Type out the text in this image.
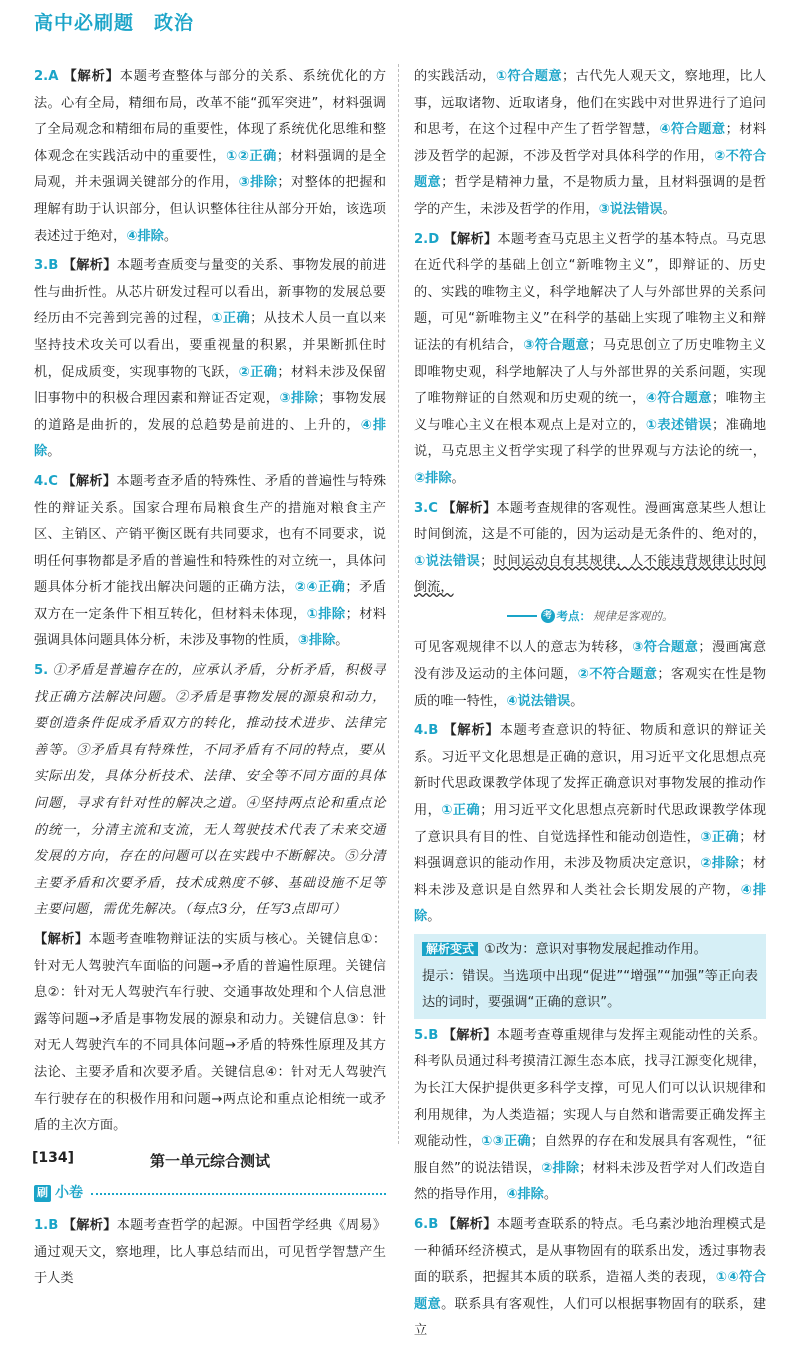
高中必刷题　政治

2.A 【解析】本题考查整体与部分的关系、系统优化的方法。心有全局，精细布局，改革不能“孤军突进”，材料强调了全局观念和精细布局的重要性，体现了系统优化思维和整体观念在实践活动中的重要性，①②正确；材料强调的是全局观，并未强调关键部分的作用，③排除；对整体的把握和理解有助于认识部分，但认识整体往往从部分开始，该选项表述过于绝对，④排除。

3.B 【解析】本题考查质变与量变的关系、事物发展的前进性与曲折性。从芯片研发过程可以看出，新事物的发展总要经历由不完善到完善的过程，①正确；从技术人员一直以来坚持技术攻关可以看出，要重视量的积累，并果断抓住时机，促成质变，实现事物的飞跃，②正确；材料未涉及保留旧事物中的积极合理因素和辩证否定观，③排除；事物发展的道路是曲折的，发展的总趋势是前进的、上升的，④排除。

4.C 【解析】本题考查矛盾的特殊性、矛盾的普遍性与特殊性的辩证关系。国家合理布局粮食生产的措施对粮食主产区、主销区、产销平衡区既有共同要求，也有不同要求，说明任何事物都是矛盾的普遍性和特殊性的对立统一，具体问题具体分析才能找出解决问题的正确方法，②④正确；矛盾双方在一定条件下相互转化，但材料未体现，①排除；材料强调具体问题具体分析，未涉及事物的性质，③排除。

5. ①矛盾是普遍存在的，应承认矛盾，分析矛盾，积极寻找正确方法解决问题。②矛盾是事物发展的源泉和动力，要创造条件促成矛盾双方的转化，推动技术进步、法律完善等。③矛盾具有特殊性，不同矛盾有不同的特点，要从实际出发，具体分析技术、法律、安全等不同方面的具体问题，寻求有针对性的解决之道。④坚持两点论和重点论的统一，分清主流和支流，无人驾驶技术代表了未来交通发展的方向，存在的问题可以在实践中不断解决。⑤分清主要矛盾和次要矛盾，技术成熟度不够、基础设施不足等主要问题，需优先解决。（每点3分，任写3点即可）

【解析】本题考查唯物辩证法的实质与核心。关键信息①：针对无人驾驶汽车面临的问题→矛盾的普遍性原理。关键信息②：针对无人驾驶汽车行驶、交通事故处理和个人信息泄露等问题→矛盾是事物发展的源泉和动力。关键信息③：针对无人驾驶汽车的不同具体问题→矛盾的特殊性原理及其方法论、主要矛盾和次要矛盾。关键信息④：针对无人驾驶汽车行驶存在的积极作用和问题→两点论和重点论相统一或矛盾的主次方面。

第一单元综合测试
刷 小卷

1.B 【解析】本题考查哲学的起源。中国哲学经典《周易》通过观天文，察地理，比人事总结而出，可见哲学智慧产生于人类

的实践活动，①符合题意；古代先人观天文，察地理，比人事，远取诸物、近取诸身，他们在实践中对世界进行了追问和思考，在这个过程中产生了哲学智慧，④符合题意；材料涉及哲学的起源，不涉及哲学对具体科学的作用，②不符合题意；哲学是精神力量，不是物质力量，且材料强调的是哲学的产生，未涉及哲学的作用，③说法错误。

2.D 【解析】本题考查马克思主义哲学的基本特点。马克思在近代科学的基础上创立“新唯物主义”，即辩证的、历史的、实践的唯物主义，科学地解决了人与外部世界的关系问题，可见“新唯物主义”在科学的基础上实现了唯物主义和辩证法的有机结合，③符合题意；马克思创立了历史唯物主义即唯物史观，科学地解决了人与外部世界的关系问题，实现了唯物辩证的自然观和历史观的统一，④符合题意；唯物主义与唯心主义在根本观点上是对立的，①表述错误；准确地说，马克思主义哲学实现了科学的世界观与方法论的统一，②排除。

3.C 【解析】本题考查规律的客观性。漫画寓意某些人想让时间倒流，这是不可能的，因为运动是无条件的、绝对的，①说法错误；时间运动自有其规律，人不能违背规律让时间倒流，

考 考点： 规律是客观的。

可见客观规律不以人的意志为转移，③符合题意；漫画寓意没有涉及运动的主体问题，②不符合题意；客观实在性是物质的唯一特性，④说法错误。

4.B 【解析】本题考查意识的特征、物质和意识的辩证关系。习近平文化思想是正确的意识，用习近平文化思想点亮新时代思政课教学体现了发挥正确意识对事物发展的推动作用，①正确；用习近平文化思想点亮新时代思政课教学体现了意识具有目的性、自觉选择性和能动创造性，③正确；材料强调意识的能动作用，未涉及物质决定意识，②排除；材料未涉及意识是自然界和人类社会长期发展的产物，④排除。

解析变式 ①改为：意识对事物发展起推动作用。
提示：错误。当选项中出现“促进”“增强”“加强”等正向表达的词时，要强调“正确的意识”。

5.B 【解析】本题考查尊重规律与发挥主观能动性的关系。科考队员通过科考摸清江源生态本底，找寻江源变化规律，为长江大保护提供更多科学支撑，可见人们可以认识规律和利用规律，为人类造福；实现人与自然和谐需要正确发挥主观能动性，①③正确；自然界的存在和发展具有客观性，“征服自然”的说法错误，②排除；材料未涉及哲学对人们改造自然的指导作用，④排除。

6.B 【解析】本题考查联系的特点。毛乌素沙地治理模式是一种循环经济模式，是从事物固有的联系出发，透过事物表面的联系，把握其本质的联系，造福人类的表现，①④符合题意。联系具有客观性，人们可以根据事物固有的联系，建立

[134]
